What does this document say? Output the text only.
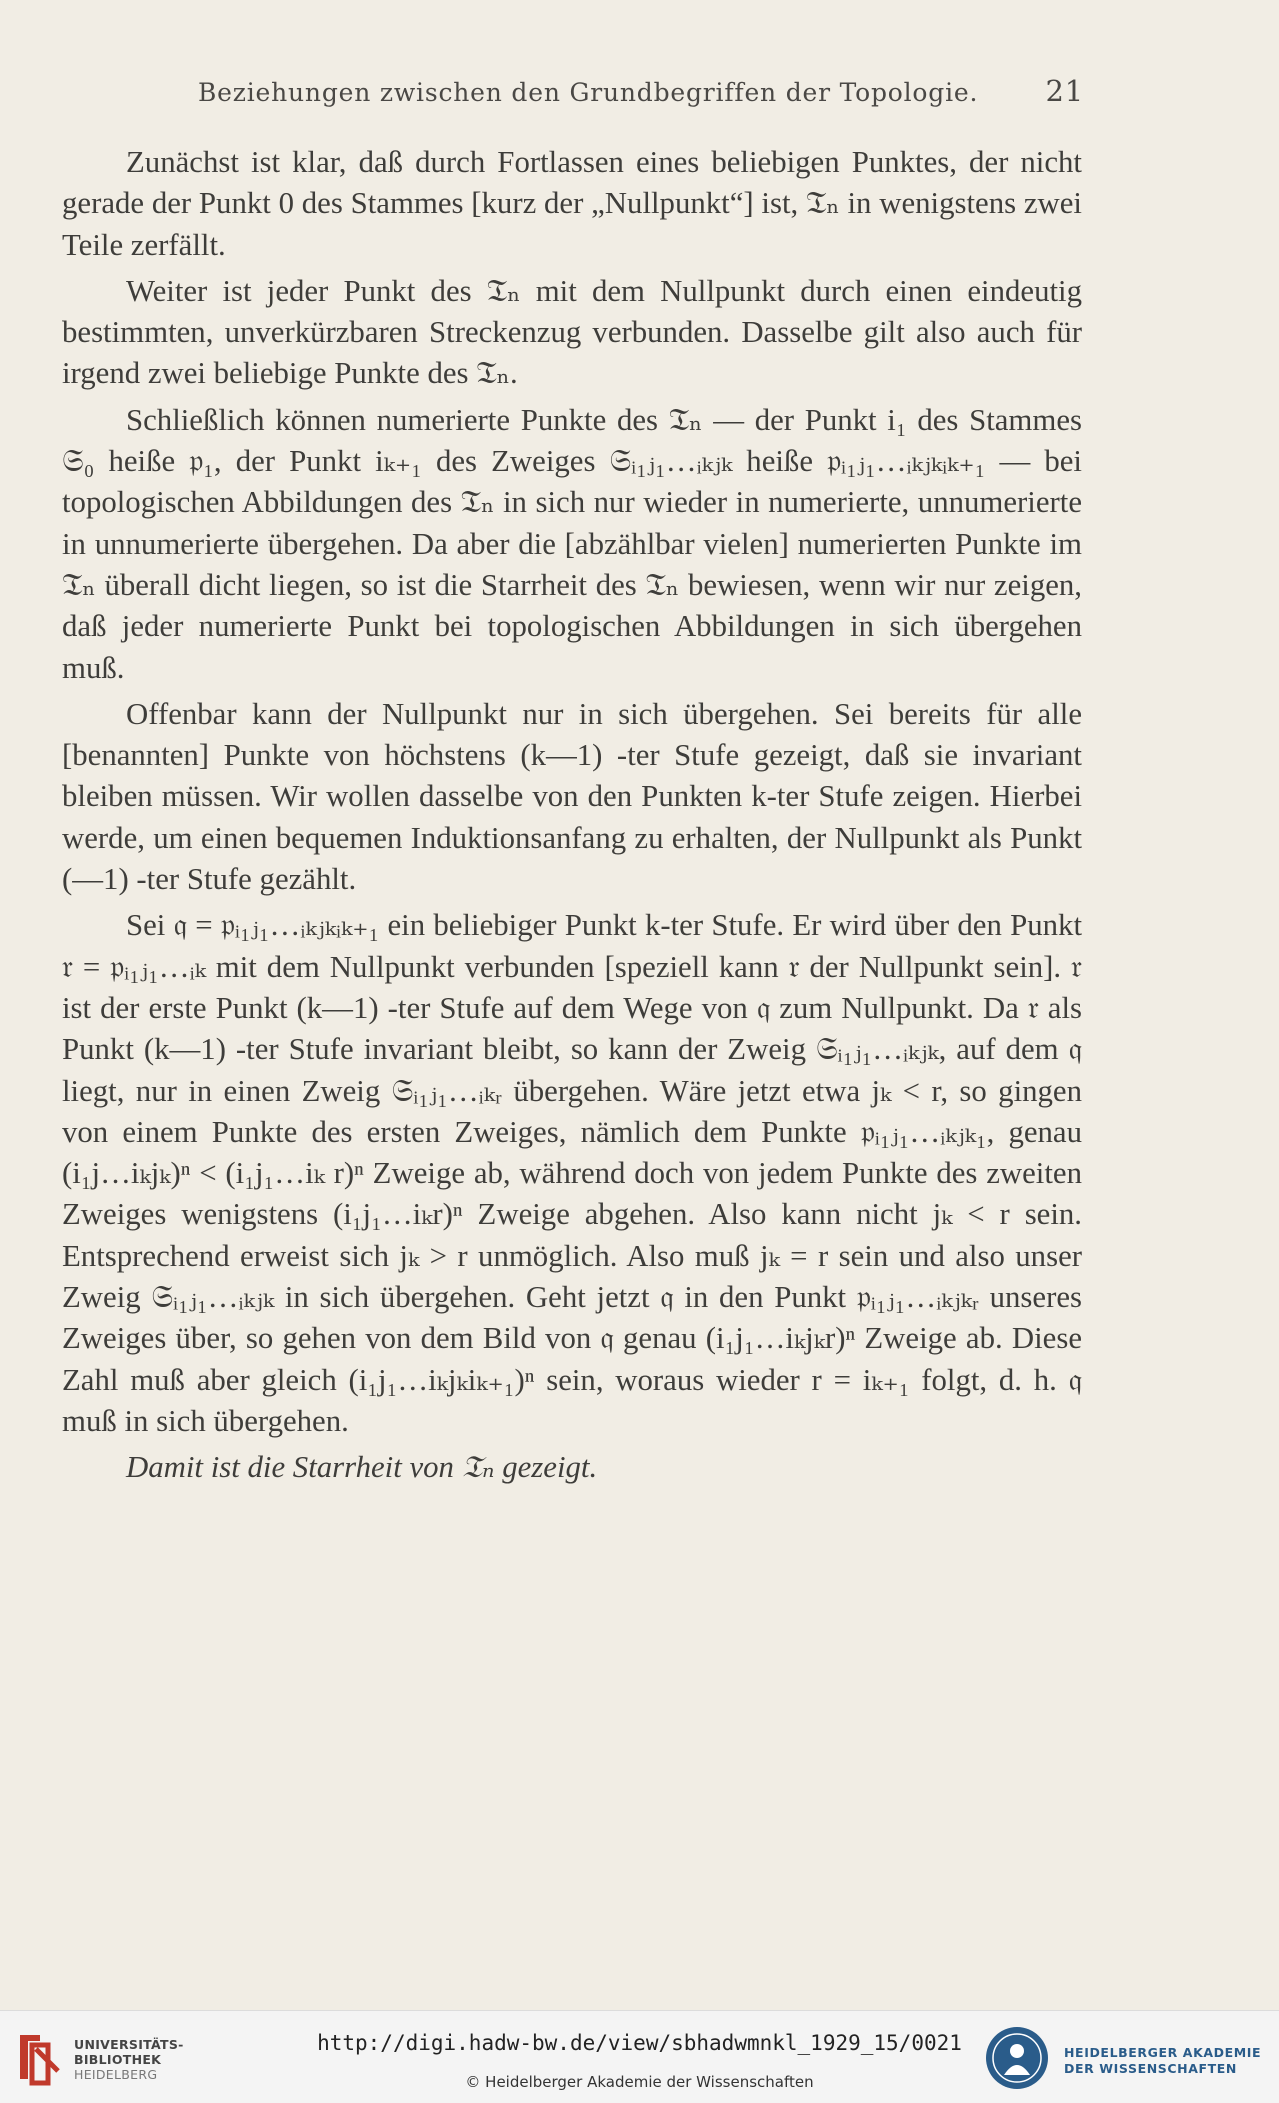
Beziehungen zwischen den Grundbegriffen der Topologie. 21

Zunächst ist klar, daß durch Fortlassen eines beliebigen Punktes, der nicht gerade der Punkt 0 des Stammes [kurz der „Nullpunkt“] ist, 𝔗ₙ in wenigstens zwei Teile zerfällt.

Weiter ist jeder Punkt des 𝔗ₙ mit dem Nullpunkt durch einen eindeutig bestimmten, unverkürzbaren Streckenzug verbunden. Dasselbe gilt also auch für irgend zwei beliebige Punkte des 𝔗ₙ.

Schließlich können numerierte Punkte des 𝔗ₙ — der Punkt i₁ des Stammes 𝔖₀ heiße 𝔭₁, der Punkt iₖ₊₁ des Zweiges 𝔖ᵢ₁ⱼ₁…ᵢₖⱼₖ heiße 𝔭ᵢ₁ⱼ₁…ᵢₖⱼₖᵢₖ₊₁ — bei topologischen Abbildungen des 𝔗ₙ in sich nur wieder in numerierte, unnumerierte in unnumerierte übergehen. Da aber die [abzählbar vielen] numerierten Punkte im 𝔗ₙ überall dicht liegen, so ist die Starrheit des 𝔗ₙ bewiesen, wenn wir nur zeigen, daß jeder numerierte Punkt bei topologischen Abbildungen in sich übergehen muß.

Offenbar kann der Nullpunkt nur in sich übergehen. Sei bereits für alle [benannten] Punkte von höchstens (k—1) -ter Stufe gezeigt, daß sie invariant bleiben müssen. Wir wollen dasselbe von den Punkten k-ter Stufe zeigen. Hierbei werde, um einen bequemen Induktionsanfang zu erhalten, der Nullpunkt als Punkt (—1) -ter Stufe gezählt.

Sei 𝔮 = 𝔭ᵢ₁ⱼ₁…ᵢₖⱼₖᵢₖ₊₁ ein beliebiger Punkt k-ter Stufe. Er wird über den Punkt 𝔯 = 𝔭ᵢ₁ⱼ₁…ᵢₖ mit dem Nullpunkt verbunden [speziell kann 𝔯 der Nullpunkt sein]. 𝔯 ist der erste Punkt (k—1) -ter Stufe auf dem Wege von 𝔮 zum Nullpunkt. Da 𝔯 als Punkt (k—1) -ter Stufe invariant bleibt, so kann der Zweig 𝔖ᵢ₁ⱼ₁…ᵢₖⱼₖ, auf dem 𝔮 liegt, nur in einen Zweig 𝔖ᵢ₁ⱼ₁…ᵢₖᵣ übergehen. Wäre jetzt etwa jₖ < r, so gingen von einem Punkte des ersten Zweiges, nämlich dem Punkte 𝔭ᵢ₁ⱼ₁…ᵢₖⱼₖ₁, genau (i₁j…iₖjₖ)ⁿ < (i₁j₁…iₖ r)ⁿ Zweige ab, während doch von jedem Punkte des zweiten Zweiges wenigstens (i₁j₁…iₖr)ⁿ Zweige abgehen. Also kann nicht jₖ < r sein. Entsprechend erweist sich jₖ > r unmöglich. Also muß jₖ = r sein und also unser Zweig 𝔖ᵢ₁ⱼ₁…ᵢₖⱼₖ in sich übergehen. Geht jetzt 𝔮 in den Punkt 𝔭ᵢ₁ⱼ₁…ᵢₖⱼₖᵣ unseres Zweiges über, so gehen von dem Bild von 𝔮 genau (i₁j₁…iₖjₖr)ⁿ Zweige ab. Diese Zahl muß aber gleich (i₁j₁…iₖjₖiₖ₊₁)ⁿ sein, woraus wieder r = iₖ₊₁ folgt, d. h. 𝔮 muß in sich übergehen.

Damit ist die Starrheit von 𝔗ₙ gezeigt.

UNIVERSITÄTS-
BIBLIOTHEK
HEIDELBERG
http://digi.hadw-bw.de/view/sbhadwmnkl_1929_15/0021
© Heidelberger Akademie der Wissenschaften
HEIDELBERGER AKADEMIE
DER WISSENSCHAFTEN
